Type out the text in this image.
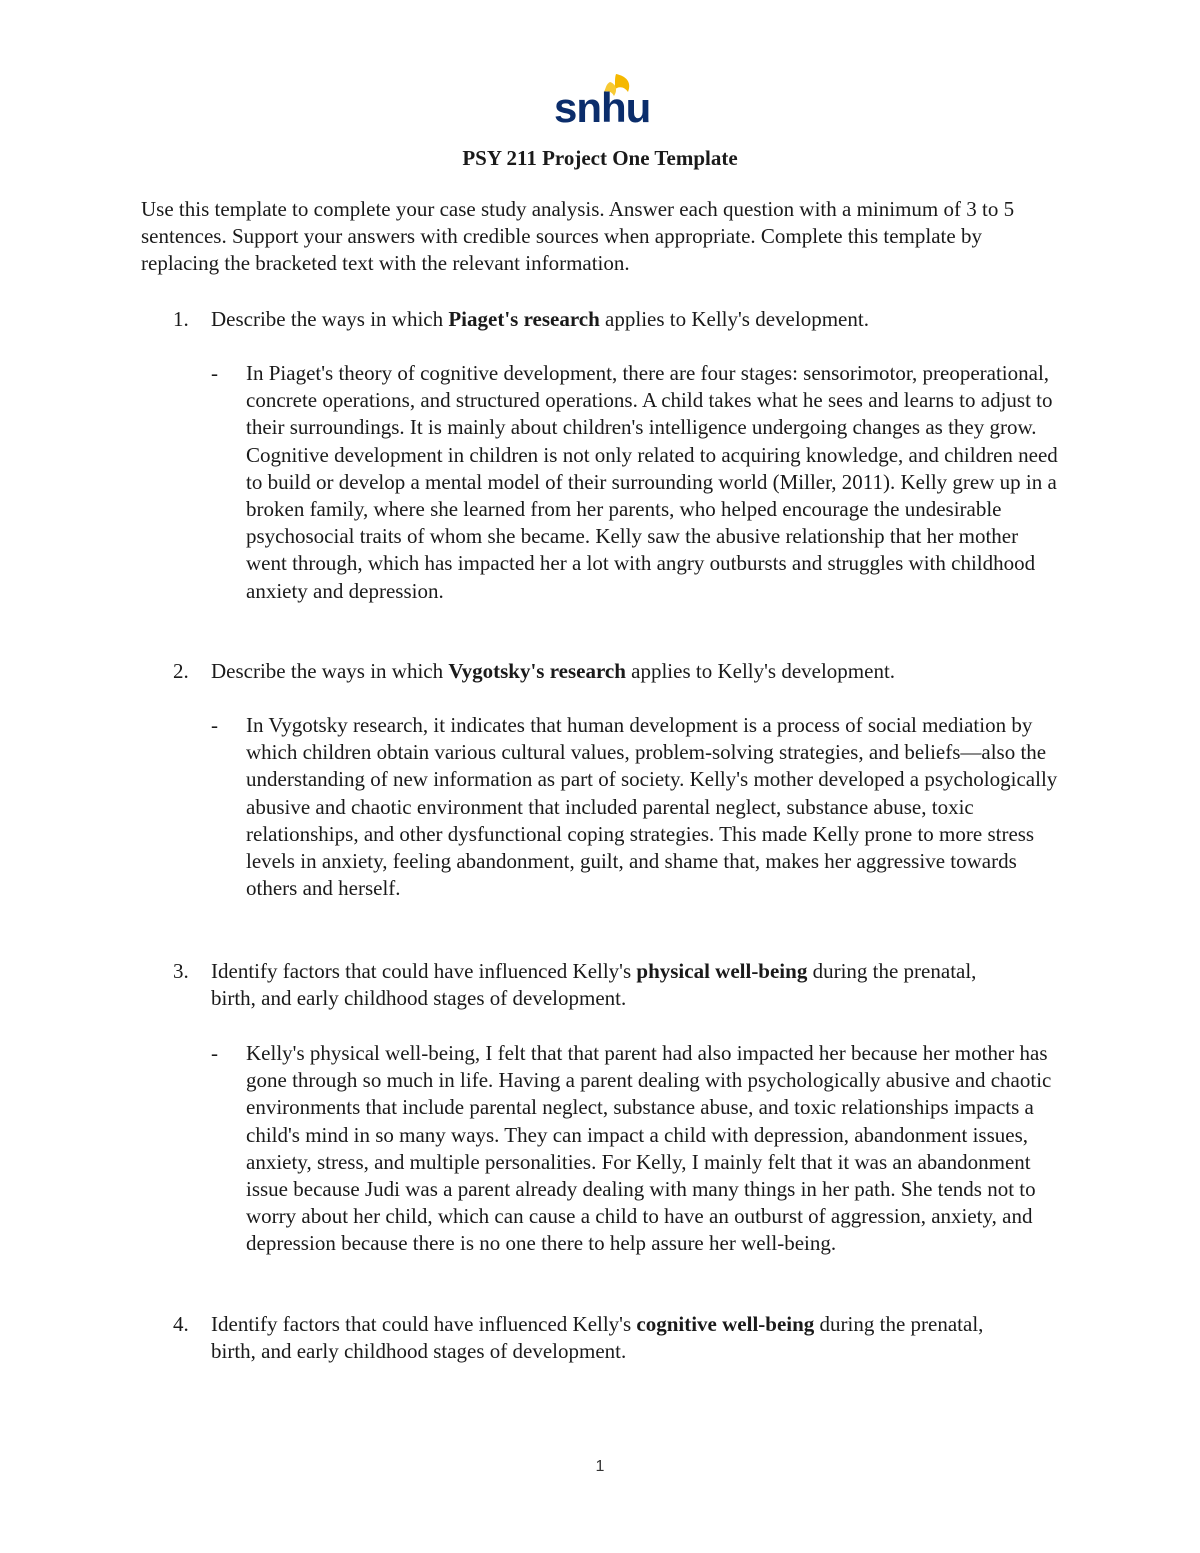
snhu
PSY 211 Project One Template
Use this template to complete your case study analysis. Answer each question with a minimum of 3 to 5 sentences. Support your answers with credible sources when appropriate. Complete this template by replacing the bracketed text with the relevant information.
1. Describe the ways in which Piaget's research applies to Kelly's development.
- In Piaget's theory of cognitive development, there are four stages: sensorimotor, preoperational, concrete operations, and structured operations. A child takes what he sees and learns to adjust to their surroundings. It is mainly about children's intelligence undergoing changes as they grow. Cognitive development in children is not only related to acquiring knowledge, and children need to build or develop a mental model of their surrounding world (Miller, 2011). Kelly grew up in a broken family, where she learned from her parents, who helped encourage the undesirable psychosocial traits of whom she became. Kelly saw the abusive relationship that her mother went through, which has impacted her a lot with angry outbursts and struggles with childhood anxiety and depression.
2. Describe the ways in which Vygotsky's research applies to Kelly's development.
- In Vygotsky research, it indicates that human development is a process of social mediation by which children obtain various cultural values, problem-solving strategies, and beliefs—also the understanding of new information as part of society. Kelly's mother developed a psychologically abusive and chaotic environment that included parental neglect, substance abuse, toxic relationships, and other dysfunctional coping strategies. This made Kelly prone to more stress levels in anxiety, feeling abandonment, guilt, and shame that, makes her aggressive towards others and herself.
3. Identify factors that could have influenced Kelly's physical well-being during the prenatal, birth, and early childhood stages of development.
- Kelly's physical well-being, I felt that that parent had also impacted her because her mother has gone through so much in life. Having a parent dealing with psychologically abusive and chaotic environments that include parental neglect, substance abuse, and toxic relationships impacts a child's mind in so many ways. They can impact a child with depression, abandonment issues, anxiety, stress, and multiple personalities. For Kelly, I mainly felt that it was an abandonment issue because Judi was a parent already dealing with many things in her path. She tends not to worry about her child, which can cause a child to have an outburst of aggression, anxiety, and depression because there is no one there to help assure her well-being.
4. Identify factors that could have influenced Kelly's cognitive well-being during the prenatal, birth, and early childhood stages of development.
1
